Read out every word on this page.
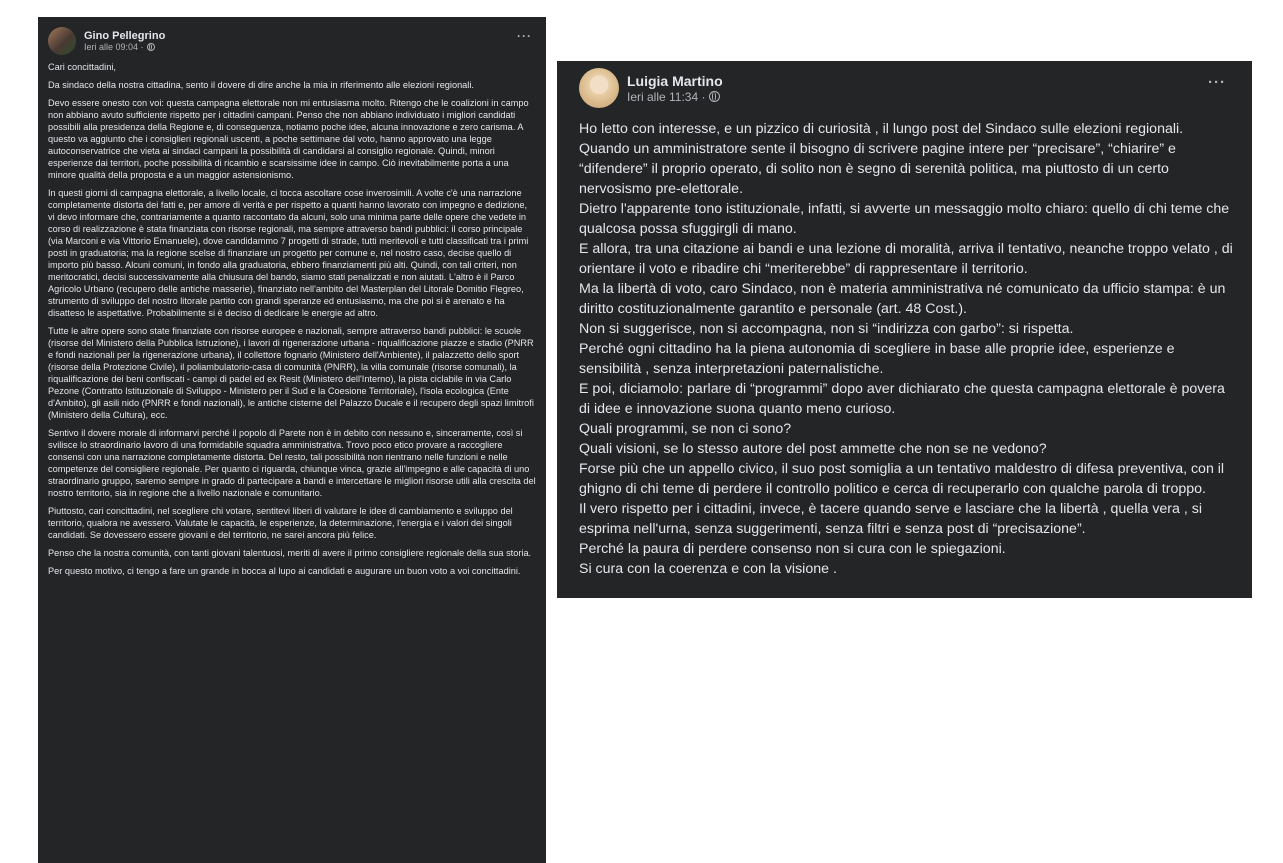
Gino Pellegrino
Ieri alle 09:04 ·
···

Cari concittadini,

Da sindaco della nostra cittadina, sento il dovere di dire anche la mia in riferimento alle elezioni regionali.

Devo essere onesto con voi: questa campagna elettorale non mi entusiasma molto. Ritengo che le coalizioni in campo non abbiano avuto sufficiente rispetto per i cittadini campani. Penso che non abbiano individuato i migliori candidati possibili alla presidenza della Regione e, di conseguenza, notiamo poche idee, alcuna innovazione e zero carisma. A questo va aggiunto che i consiglieri regionali uscenti, a poche settimane dal voto, hanno approvato una legge autoconservatrice che vieta ai sindaci campani la possibilità di candidarsi al consiglio regionale. Quindi, minori esperienze dai territori, poche possibilità di ricambio e scarsissime idee in campo. Ciò inevitabilmente porta a una minore qualità della proposta e a un maggior astensionismo.

In questi giorni di campagna elettorale, a livello locale, ci tocca ascoltare cose inverosimili. A volte c'è una narrazione completamente distorta dei fatti e, per amore di verità e per rispetto a quanti hanno lavorato con impegno e dedizione, vi devo informare che, contrariamente a quanto raccontato da alcuni, solo una minima parte delle opere che vedete in corso di realizzazione è stata finanziata con risorse regionali, ma sempre attraverso bandi pubblici: il corso principale (via Marconi e via Vittorio Emanuele), dove candidammo 7 progetti di strade, tutti meritevoli e tutti classificati tra i primi posti in graduatoria; ma la regione scelse di finanziare un progetto per comune e, nel nostro caso, decise quello di importo più basso. Alcuni comuni, in fondo alla graduatoria, ebbero finanziamenti più alti. Quindi, con tali criteri, non meritocratici, decisi successivamente alla chiusura del bando, siamo stati penalizzati e non aiutati. L'altro è il Parco Agricolo Urbano (recupero delle antiche masserie), finanziato nell'ambito del Masterplan del Litorale Domitio Flegreo, strumento di sviluppo del nostro litorale partito con grandi speranze ed entusiasmo, ma che poi si è arenato e ha disatteso le aspettative. Probabilmente si è deciso di dedicare le energie ad altro.

Tutte le altre opere sono state finanziate con risorse europee e nazionali, sempre attraverso bandi pubblici: le scuole (risorse del Ministero della Pubblica Istruzione), i lavori di rigenerazione urbana - riqualificazione piazze e stadio (PNRR e fondi nazionali per la rigenerazione urbana), il collettore fognario (Ministero dell'Ambiente), il palazzetto dello sport (risorse della Protezione Civile), il poliambulatorio-casa di comunità (PNRR), la villa comunale (risorse comunali), la riqualificazione dei beni confiscati - campi di padel ed ex Resit (Ministero dell'Interno), la pista ciclabile in via Carlo Pezone (Contratto Istituzionale di Sviluppo - Ministero per il Sud e la Coesione Territoriale), l'isola ecologica (Ente d'Ambito), gli asili nido (PNRR e fondi nazionali), le antiche cisterne del Palazzo Ducale e il recupero degli spazi limitrofi (Ministero della Cultura), ecc.

Sentivo il dovere morale di informarvi perché il popolo di Parete non è in debito con nessuno e, sinceramente, così si svilisce lo straordinario lavoro di una formidabile squadra amministrativa. Trovo poco etico provare a raccogliere consensi con una narrazione completamente distorta. Del resto, tali possibilità non rientrano nelle funzioni e nelle competenze del consigliere regionale. Per quanto ci riguarda, chiunque vinca, grazie all'impegno e alle capacità di uno straordinario gruppo, saremo sempre in grado di partecipare a bandi e intercettare le migliori risorse utili alla crescita del nostro territorio, sia in regione che a livello nazionale e comunitario.

Piuttosto, cari concittadini, nel scegliere chi votare, sentitevi liberi di valutare le idee di cambiamento e sviluppo del territorio, qualora ne avessero. Valutate le capacità, le esperienze, la determinazione, l'energia e i valori dei singoli candidati. Se dovessero essere giovani e del territorio, ne sarei ancora più felice.

Penso che la nostra comunità, con tanti giovani talentuosi, meriti di avere il primo consigliere regionale della sua storia.

Per questo motivo, ci tengo a fare un grande in bocca al lupo ai candidati e augurare un buon voto a voi concittadini.

Luigia Martino
Ieri alle 11:34 ·
···

Ho letto con interesse, e un pizzico di curiosità , il lungo post del Sindaco sulle elezioni regionali.

Quando un amministratore sente il bisogno di scrivere pagine intere per “precisare”, “chiarire” e “difendere” il proprio operato, di solito non è segno di serenità politica, ma piuttosto di un certo nervosismo pre-elettorale.

Dietro l'apparente tono istituzionale, infatti, si avverte un messaggio molto chiaro: quello di chi teme che qualcosa possa sfuggirgli di mano.

E allora, tra una citazione ai bandi e una lezione di moralità, arriva il tentativo, neanche troppo velato , di orientare il voto e ribadire chi “meriterebbe” di rappresentare il territorio.

Ma la libertà di voto, caro Sindaco, non è materia amministrativa né comunicato da ufficio stampa: è un diritto costituzionalmente garantito e personale (art. 48 Cost.).

Non si suggerisce, non si accompagna, non si “indirizza con garbo”: si rispetta.

Perché ogni cittadino ha la piena autonomia di scegliere in base alle proprie idee, esperienze e sensibilità , senza interpretazioni paternalistiche.

E poi, diciamolo: parlare di “programmi” dopo aver dichiarato che questa campagna elettorale è povera di idee e innovazione suona quanto meno curioso.

Quali programmi, se non ci sono?

Quali visioni, se lo stesso autore del post ammette che non se ne vedono?

Forse più che un appello civico, il suo post somiglia a un tentativo maldestro di difesa preventiva, con il ghigno di chi teme di perdere il controllo politico e cerca di recuperarlo con qualche parola di troppo.

Il vero rispetto per i cittadini, invece, è tacere quando serve e lasciare che la libertà , quella vera , si esprima nell'urna, senza suggerimenti, senza filtri e senza post di “precisazione”.

Perché la paura di perdere consenso non si cura con le spiegazioni.

Si cura con la coerenza e con la visione .
